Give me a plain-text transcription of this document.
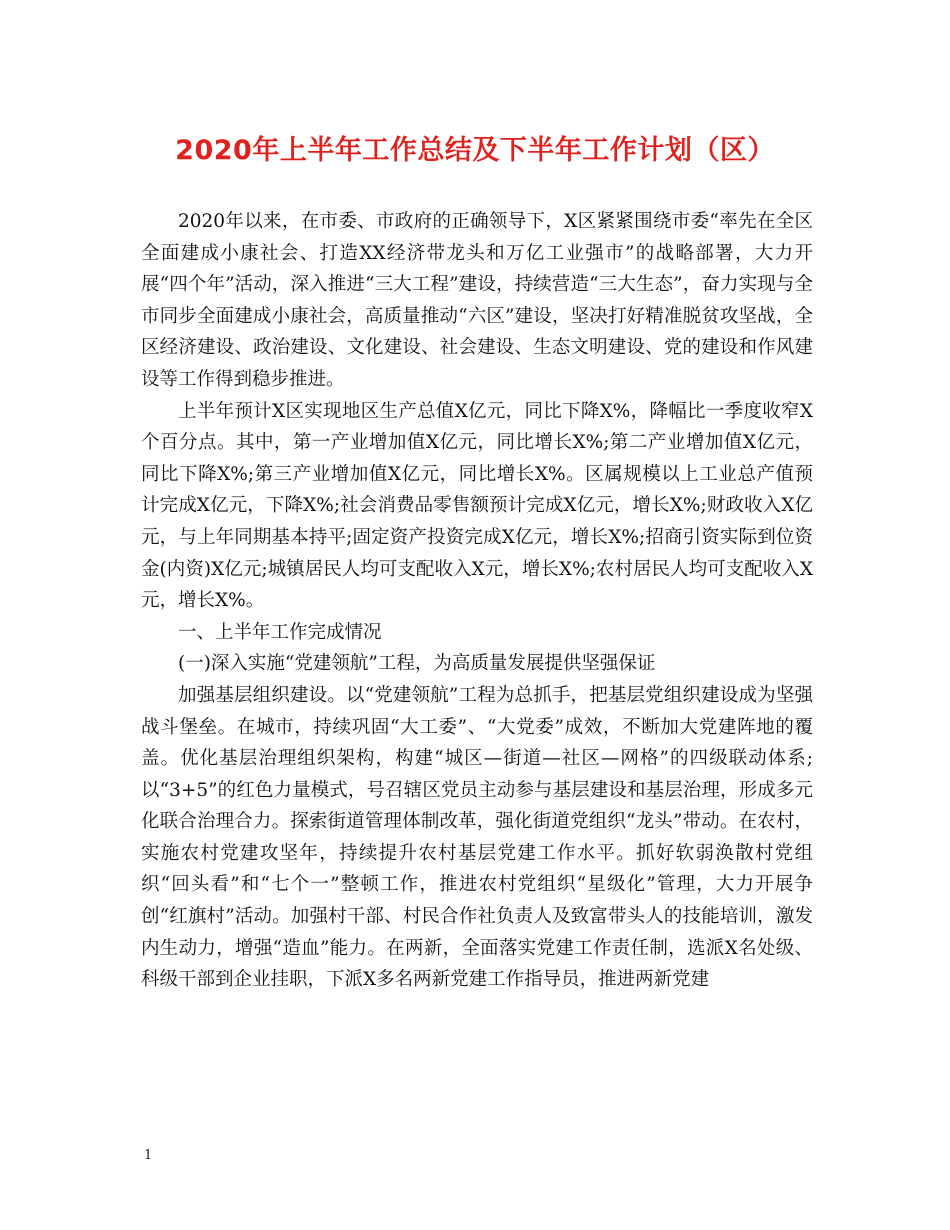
2020年上半年工作总结及下半年工作计划（区）

2020年以来，在市委、市政府的正确领导下，X区紧紧围绕市委“率先在全区全面建成小康社会、打造XX经济带龙头和万亿工业强市”的战略部署，大力开展“四个年”活动，深入推进“三大工程”建设，持续营造“三大生态”，奋力实现与全市同步全面建成小康社会，高质量推动“六区”建设，坚决打好精准脱贫攻坚战，全区经济建设、政治建设、文化建设、社会建设、生态文明建设、党的建设和作风建设等工作得到稳步推进。

上半年预计X区实现地区生产总值X亿元，同比下降X%，降幅比一季度收窄X个百分点。其中，第一产业增加值X亿元，同比增长X%;第二产业增加值X亿元，同比下降X%;第三产业增加值X亿元，同比增长X%。区属规模以上工业总产值预计完成X亿元，下降X%;社会消费品零售额预计完成X亿元，增长X%;财政收入X亿元，与上年同期基本持平;固定资产投资完成X亿元，增长X%;招商引资实际到位资金(内资)X亿元;城镇居民人均可支配收入X元，增长X%;农村居民人均可支配收入X元，增长X%。

一、上半年工作完成情况

(一)深入实施“党建领航”工程，为高质量发展提供坚强保证

加强基层组织建设。以“党建领航”工程为总抓手，把基层党组织建设成为坚强战斗堡垒。在城市，持续巩固“大工委”、“大党委”成效，不断加大党建阵地的覆盖。优化基层治理组织架构，构建“城区—街道—社区—网格”的四级联动体系;以“3+5”的红色力量模式，号召辖区党员主动参与基层建设和基层治理，形成多元化联合治理合力。探索街道管理体制改革，强化街道党组织“龙头”带动。在农村，实施农村党建攻坚年，持续提升农村基层党建工作水平。抓好软弱涣散村党组织“回头看”和“七个一”整顿工作，推进农村党组织“星级化”管理，大力开展争创“红旗村”活动。加强村干部、村民合作社负责人及致富带头人的技能培训，激发内生动力，增强“造血”能力。在两新，全面落实党建工作责任制，选派X名处级、科级干部到企业挂职，下派X多名两新党建工作指导员，推进两新党建

1
